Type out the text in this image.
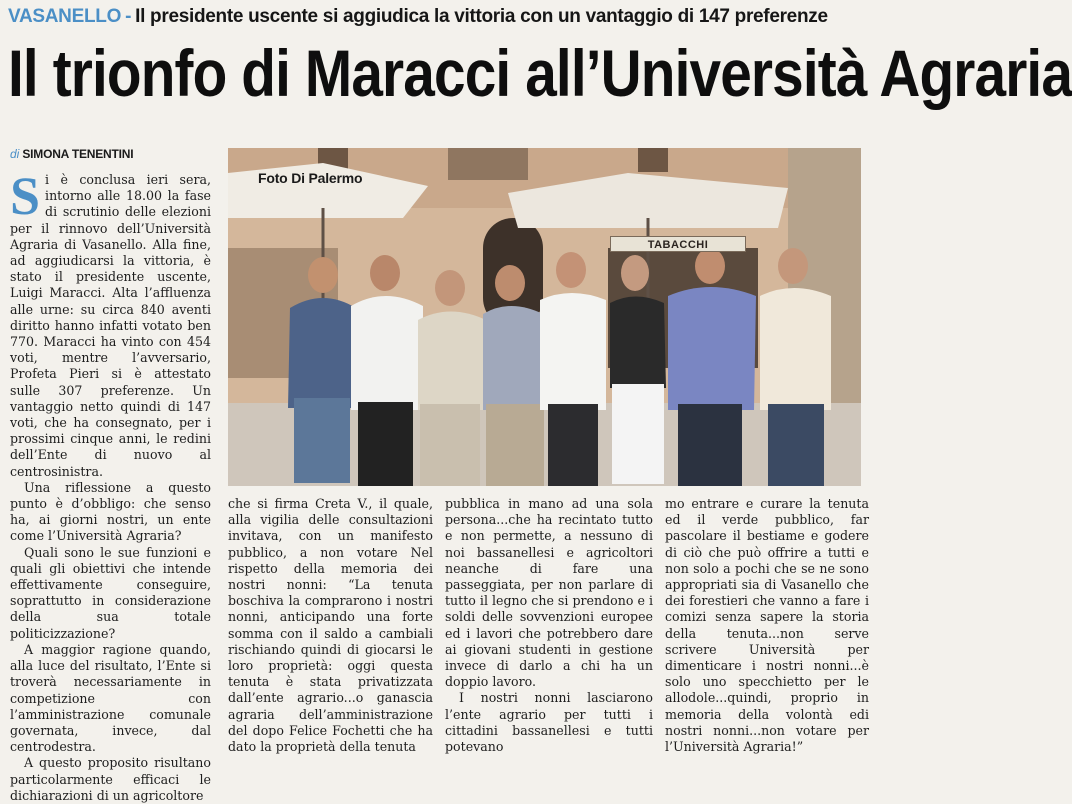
VASANELLO - Il presidente uscente si aggiudica la vittoria con un vantaggio di 147 preferenze
Il trionfo di Maracci all’Università Agraria
di SIMONA TENENTINI

Si è conclusa ieri sera, intorno alle 18.00 la fase di scrutinio delle elezioni per il rinnovo dell’Università Agraria di Vasanello. Alla fine, ad aggiudicarsi la vittoria, è stato il presidente uscente, Luigi Maracci. Alta l’affluenza alle urne: su circa 840 aventi diritto hanno infatti votato ben 770. Maracci ha vinto con 454 voti, mentre l’avversario, Profeta Pieri si è attestato sulle 307 preferenze. Un vantaggio netto quindi di 147 voti, che ha consegnato, per i prossimi cinque anni, le redini dell’Ente di nuovo al centrosinistra.

Una riflessione a questo punto è d’obbligo: che senso ha, ai giorni nostri, un ente come l’Università Agraria?

Quali sono le sue funzioni e quali gli obiettivi che intende effettivamente conseguire, soprattutto in considerazione della sua totale politicizzazione?

A maggior ragione quando, alla luce del risultato, l’Ente si troverà necessariamente in competizione con l’amministrazione comunale governata, invece, dal centrodestra.

A questo proposito risultano particolarmente efficaci le dichiarazioni di un agricoltore

Foto Di Palermo
TABACCHI

che si firma Creta V., il quale, alla vigilia delle consultazioni invitava, con un manifesto pubblico, a non votare Nel rispetto della memoria dei nostri nonni: “La tenuta boschiva la comprarono i nostri nonni, anticipando una forte somma con il saldo a cambiali rischiando quindi di giocarsi le loro proprietà: oggi questa tenuta è stata privatizzata dall’ente agrario...o ganascia agraria dell’amministrazione del dopo Felice Fochetti che ha dato la proprietà della tenuta

pubblica in mano ad una sola persona...che ha recintato tutto e non permette, a nessuno di noi bassanellesi e agricoltori neanche di fare una passeggiata, per non parlare di tutto il legno che si prendono e i soldi delle sovvenzioni europee ed i lavori che potrebbero dare ai giovani studenti in gestione invece di darlo a chi ha un doppio lavoro.

I nostri nonni lasciarono l’ente agrario per tutti i cittadini bassanellesi e tutti potevano

mo entrare e curare la tenuta ed il verde pubblico, far pascolare il bestiame e godere di ciò che può offrire a tutti e non solo a pochi che se ne sono appropriati sia di Vasanello che dei forestieri che vanno a fare i comizi senza sapere la storia della tenuta...non serve scrivere Università per dimenticare i nostri nonni...è solo uno specchietto per le allodole...quindi, proprio in memoria della volontà edi nostri nonni...non votare per l’Università Agraria!”
